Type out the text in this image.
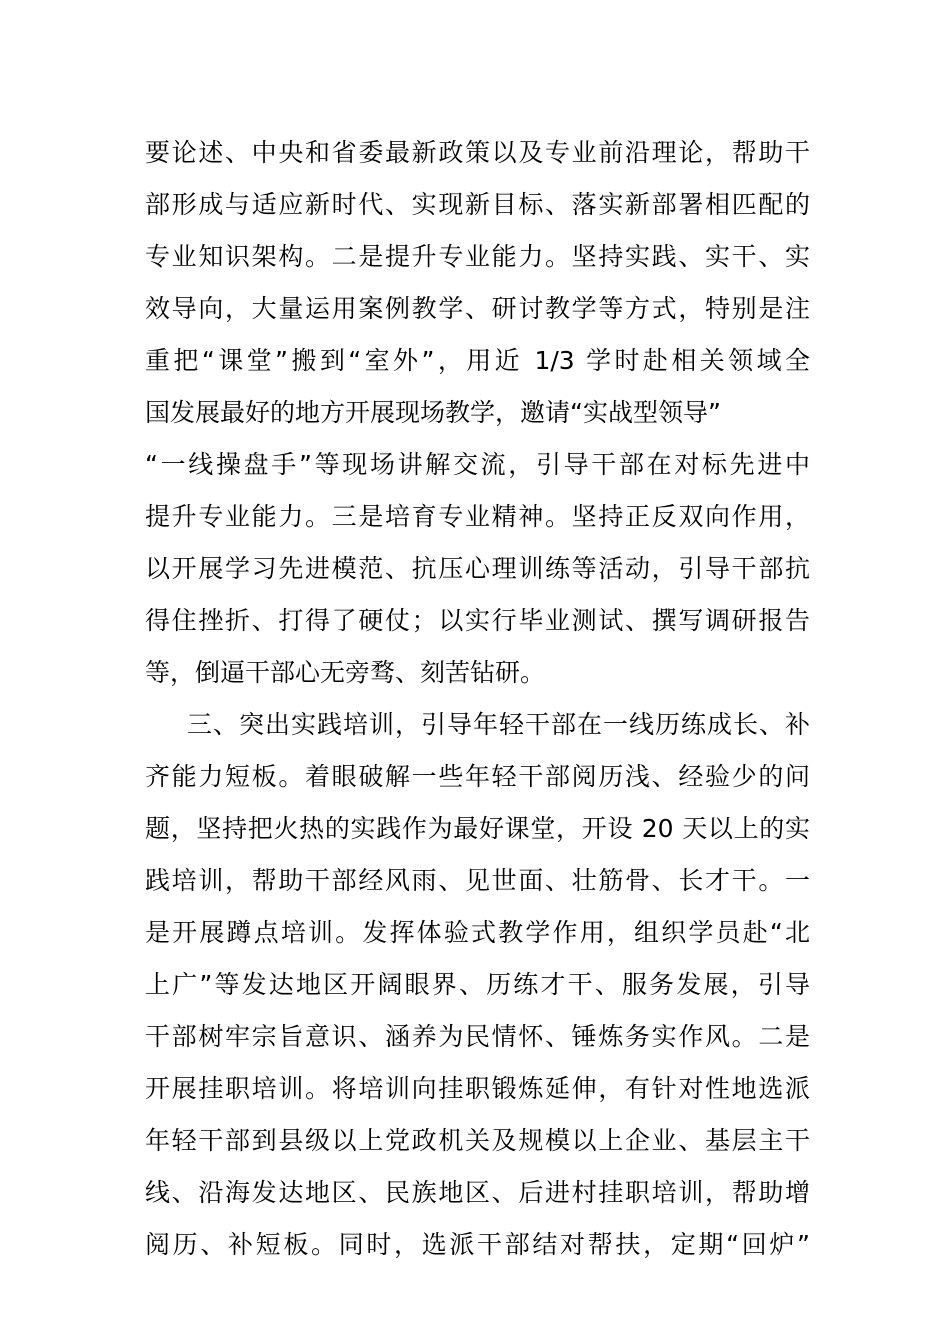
要论述、中央和省委最新政策以及专业前沿理论，帮助干
部形成与适应新时代、实现新目标、落实新部署相匹配的
专业知识架构。二是提升专业能力。坚持实践、实干、实
效导向，大量运用案例教学、研讨教学等方式，特别是注
重把“课堂”搬到“室外”，用近 1/3 学时赴相关领域全
国发展最好的地方开展现场教学，邀请“实战型领导”
“一线操盘手”等现场讲解交流，引导干部在对标先进中
提升专业能力。三是培育专业精神。坚持正反双向作用，
以开展学习先进模范、抗压心理训练等活动，引导干部抗
得住挫折、打得了硬仗；以实行毕业测试、撰写调研报告
等，倒逼干部心无旁骛、刻苦钻研。
三、突出实践培训，引导年轻干部在一线历练成长、补
齐能力短板。着眼破解一些年轻干部阅历浅、经验少的问
题，坚持把火热的实践作为最好课堂，开设 20 天以上的实
践培训，帮助干部经风雨、见世面、壮筋骨、长才干。一
是开展蹲点培训。发挥体验式教学作用，组织学员赴“北
上广”等发达地区开阔眼界、历练才干、服务发展，引导
干部树牢宗旨意识、涵养为民情怀、锤炼务实作风。二是
开展挂职培训。将培训向挂职锻炼延伸，有针对性地选派
年轻干部到县级以上党政机关及规模以上企业、基层主干
线、沿海发达地区、民族地区、后进村挂职培训，帮助增
阅历、补短板。同时，选派干部结对帮扶，定期“回炉”
